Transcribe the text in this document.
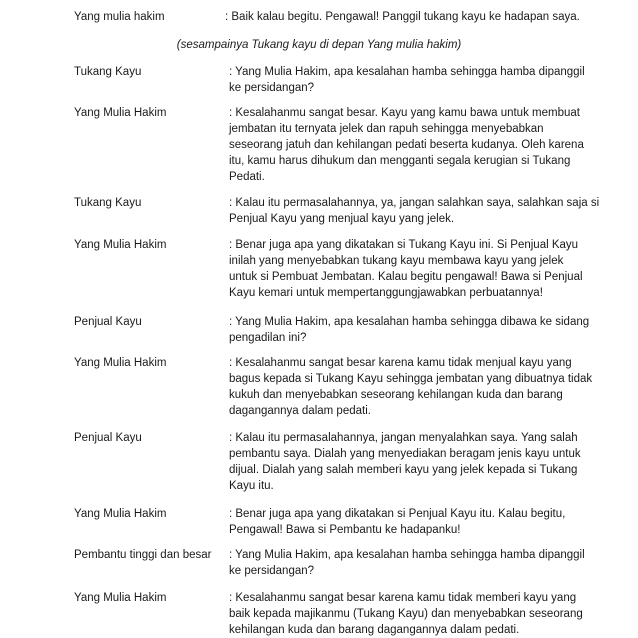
Yang mulia hakim	: Baik kalau begitu. Pengawal! Panggil tukang kayu ke hadapan saya.
(sesampainya Tukang kayu di depan Yang mulia hakim)
Tukang Kayu	: Yang Mulia Hakim, apa kesalahan hamba sehingga hamba dipanggil
ke persidangan?
Yang Mulia Hakim	: Kesalahanmu sangat besar. Kayu yang kamu bawa untuk membuat
jembatan itu ternyata jelek dan rapuh sehingga menyebabkan
seseorang jatuh dan kehilangan pedati beserta kudanya. Oleh karena
itu, kamu harus dihukum dan mengganti segala kerugian si Tukang
Pedati.
Tukang Kayu	: Kalau itu permasalahannya, ya, jangan salahkan saya, salahkan saja si
Penjual Kayu yang menjual kayu yang jelek.
Yang Mulia Hakim	: Benar juga apa yang dikatakan si Tukang Kayu ini. Si Penjual Kayu
inilah yang menyebabkan tukang kayu membawa kayu yang jelek
untuk si Pembuat Jembatan. Kalau begitu pengawal! Bawa si Penjual
Kayu kemari untuk mempertanggungjawabkan perbuatannya!
Penjual Kayu	: Yang Mulia Hakim, apa kesalahan hamba sehingga dibawa ke sidang
pengadilan ini?
Yang Mulia Hakim	: Kesalahanmu sangat besar karena kamu tidak menjual kayu yang
bagus kepada si Tukang Kayu sehingga jembatan yang dibuatnya tidak
kukuh dan menyebabkan seseorang kehilangan kuda dan barang
dagangannya dalam pedati.
Penjual Kayu	: Kalau itu permasalahannya, jangan menyalahkan saya. Yang salah
pembantu saya. Dialah yang menyediakan beragam jenis kayu untuk
dijual. Dialah yang salah memberi kayu yang jelek kepada si Tukang
Kayu itu.
Yang Mulia Hakim	: Benar juga apa yang dikatakan si Penjual Kayu itu. Kalau begitu,
Pengawal! Bawa si Pembantu ke hadapanku!
Pembantu tinggi dan besar : Yang Mulia Hakim, apa kesalahan hamba sehingga hamba dipanggil
ke persidangan?
Yang Mulia Hakim	: Kesalahanmu sangat besar karena kamu tidak memberi kayu yang
baik kepada majikanmu (Tukang Kayu) dan menyebabkan seseorang
kehilangan kuda dan barang dagangannya dalam pedati.
